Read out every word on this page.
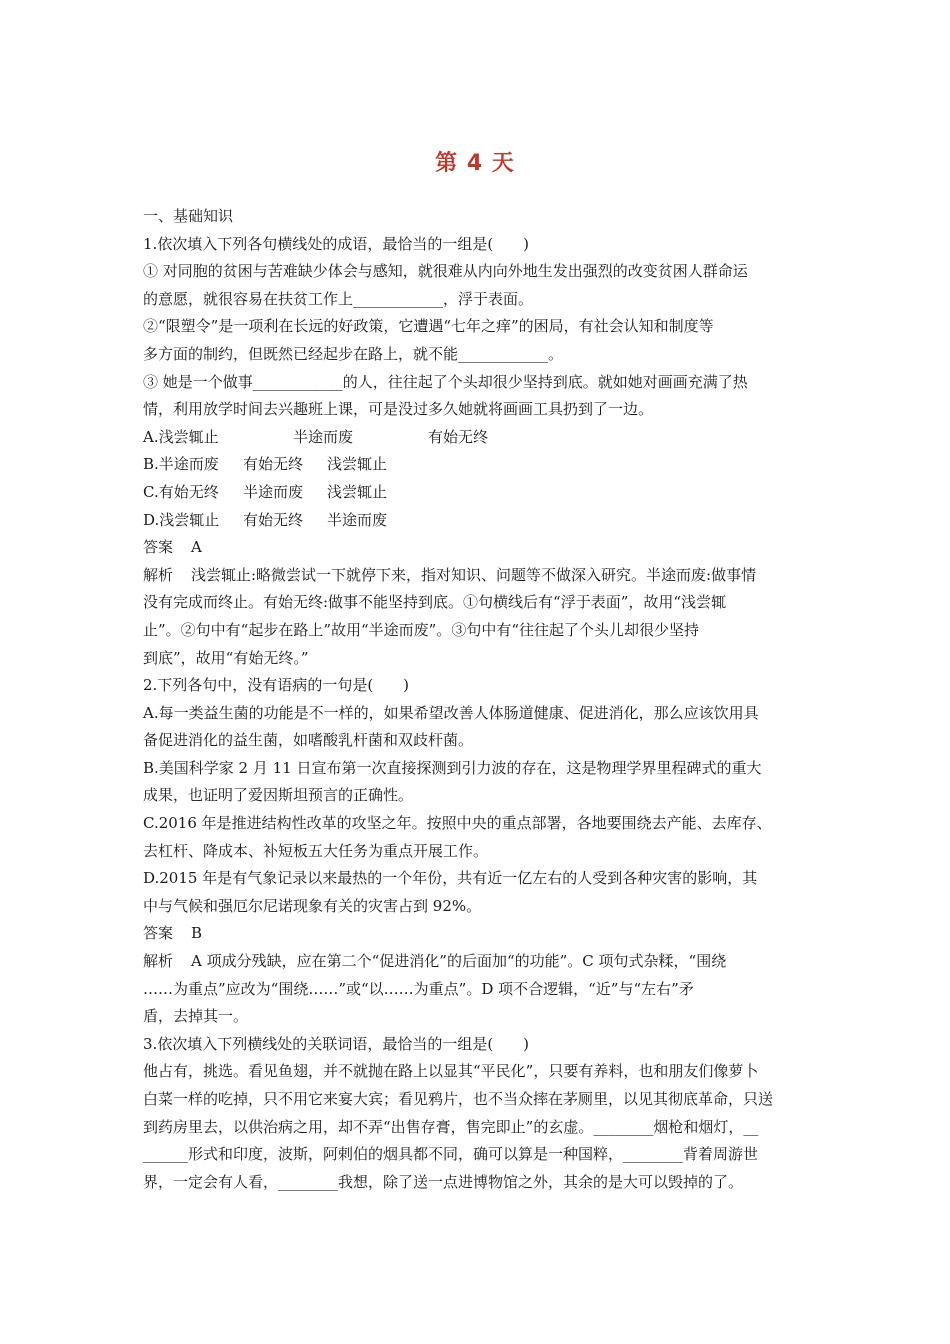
第 4 天
一、基础知识
1.依次填入下列各句横线处的成语，最恰当的一组是(　　)
① 对同胞的贫困与苦难缺少体会与感知，就很难从内向外地生发出强烈的改变贫困人群命运
的意愿，就很容易在扶贫工作上____________，浮于表面。
②“限塑令”是一项利在长远的好政策，它遭遇“七年之痒”的困局，有社会认知和制度等
多方面的制约，但既然已经起步在路上，就不能____________。
③ 她是一个做事____________的人，往往起了个头却很少坚持到底。就如她对画画充满了热
情，利用放学时间去兴趣班上课，可是没过多久她就将画画工具扔到了一边。
A.浅尝辄止	半途而废	有始无终
B.半途而废 有始无终 浅尝辄止
C.有始无终 半途而废 浅尝辄止
D.浅尝辄止 有始无终 半途而废
答案 A
解析 浅尝辄止:略微尝试一下就停下来，指对知识、问题等不做深入研究。半途而废:做事情
没有完成而终止。有始无终:做事不能坚持到底。①句横线后有“浮于表面”，故用“浅尝辄
止”。②句中有“起步在路上”故用“半途而废”。③句中有“往往起了个头儿却很少坚持
到底”，故用“有始无终。”
2.下列各句中，没有语病的一句是(　　)
A.每一类益生菌的功能是不一样的，如果希望改善人体肠道健康、促进消化，那么应该饮用具
备促进消化的益生菌，如嗜酸乳杆菌和双歧杆菌。
B.美国科学家 2 月 11 日宣布第一次直接探测到引力波的存在，这是物理学界里程碑式的重大
成果，也证明了爱因斯坦预言的正确性。
C.2016 年是推进结构性改革的攻坚之年。按照中央的重点部署，各地要围绕去产能、去库存、
去杠杆、降成本、补短板五大任务为重点开展工作。
D.2015 年是有气象记录以来最热的一个年份，共有近一亿左右的人受到各种灾害的影响，其
中与气候和强厄尔尼诺现象有关的灾害占到 92%。
答案 B
解析 A 项成分残缺，应在第二个“促进消化”的后面加“的功能”。C 项句式杂糅，“围绕
……为重点”应改为“围绕……”或“以……为重点”。D 项不合逻辑，“近”与“左右”矛
盾，去掉其一。
3.依次填入下列横线处的关联词语，最恰当的一组是(　　)
他占有，挑选。看见鱼翅，并不就抛在路上以显其“平民化”，只要有养料，也和朋友们像萝卜
白菜一样的吃掉，只不用它来宴大宾；看见鸦片，也不当众摔在茅厕里，以见其彻底革命，只送
到药房里去，以供治病之用，却不弄“出售存膏，售完即止”的玄虚。________烟枪和烟灯，__
______形式和印度，波斯，阿剌伯的烟具都不同，确可以算是一种国粹，________背着周游世
界，一定会有人看，________我想，除了送一点进博物馆之外，其余的是大可以毁掉的了。
